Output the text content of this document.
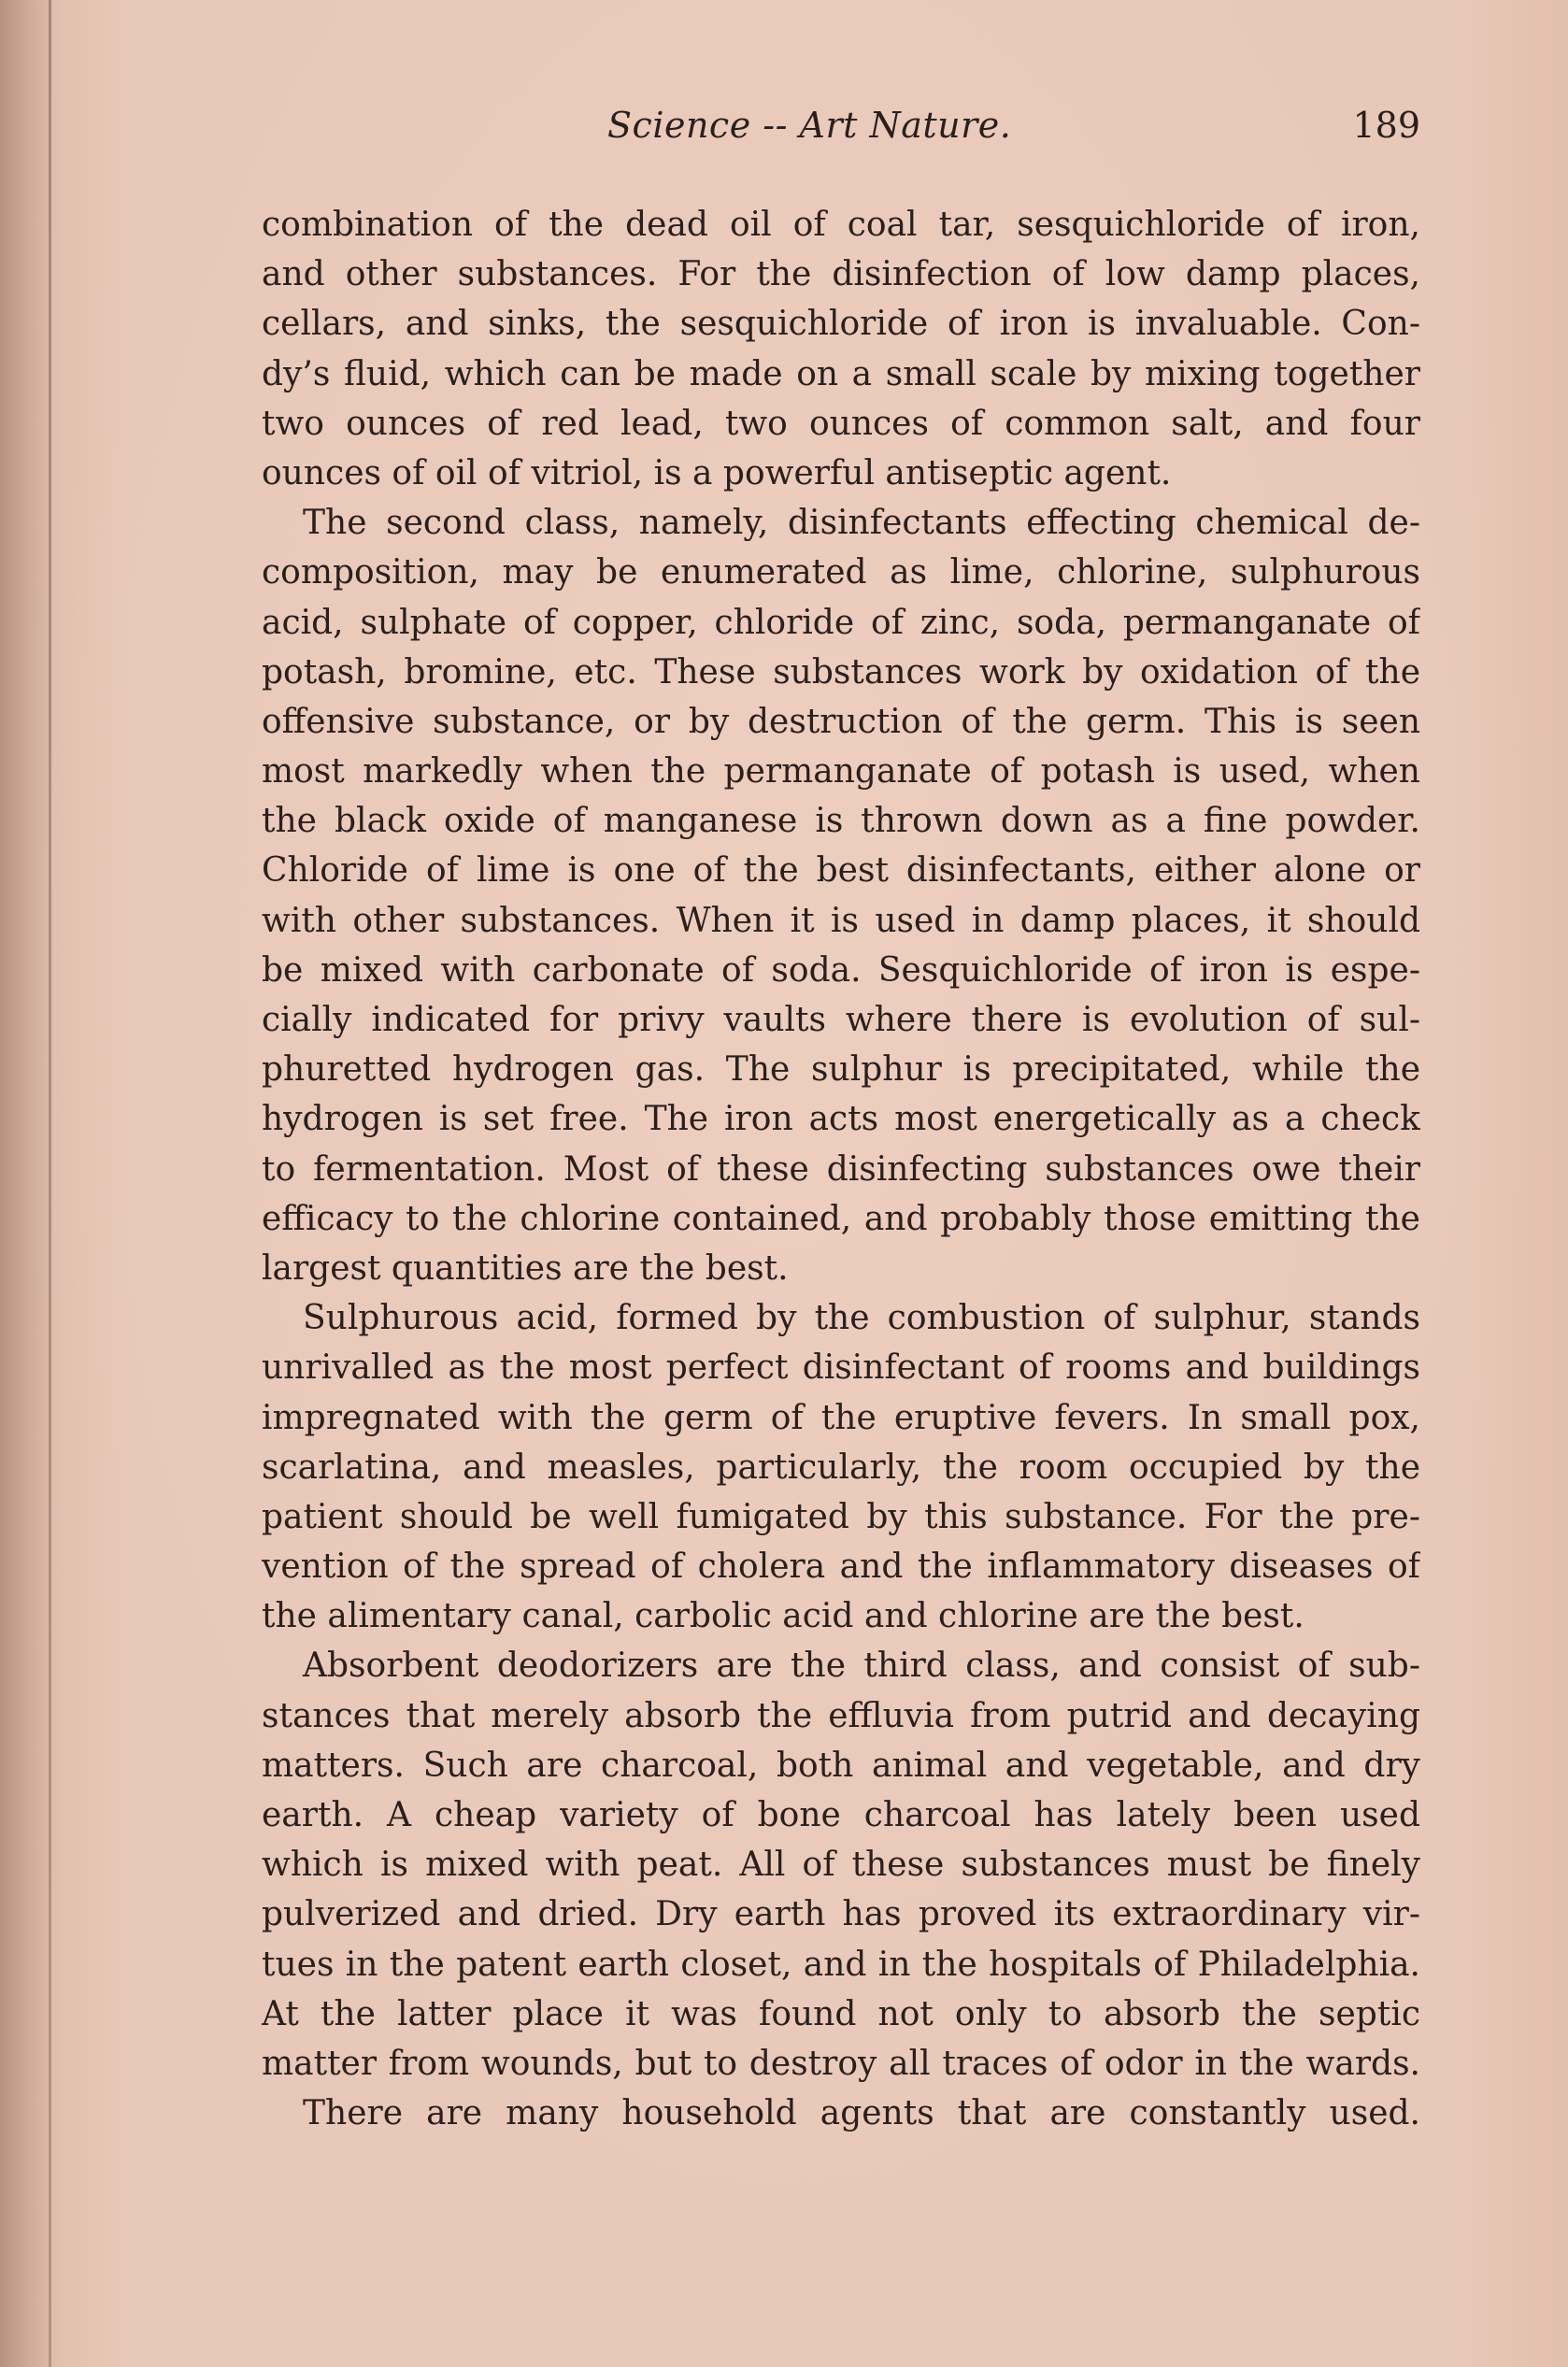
Science -- Art Nature.	189
combination of the dead oil of coal tar, sesquichloride of iron,
and other substances. For the disinfection of low damp places,
cellars, and sinks, the sesquichloride of iron is invaluable. Con-
dy’s fluid, which can be made on a small scale by mixing together
two ounces of red lead, two ounces of common salt, and four
ounces of oil of vitriol, is a powerful antiseptic agent.
The second class, namely, disinfectants effecting chemical de-
composition, may be enumerated as lime, chlorine, sulphurous
acid, sulphate of copper, chloride of zinc, soda, permanganate of
potash, bromine, etc. These substances work by oxidation of the
offensive substance, or by destruction of the germ. This is seen
most markedly when the permanganate of potash is used, when
the black oxide of manganese is thrown down as a fine powder.
Chloride of lime is one of the best disinfectants, either alone or
with other substances. When it is used in damp places, it should
be mixed with carbonate of soda. Sesquichloride of iron is espe-
cially indicated for privy vaults where there is evolution of sul-
phuretted hydrogen gas. The sulphur is precipitated, while the
hydrogen is set free. The iron acts most energetically as a check
to fermentation. Most of these disinfecting substances owe their
efficacy to the chlorine contained, and probably those emitting the
largest quantities are the best.
Sulphurous acid, formed by the combustion of sulphur, stands
unrivalled as the most perfect disinfectant of rooms and buildings
impregnated with the germ of the eruptive fevers. In small pox,
scarlatina, and measles, particularly, the room occupied by the
patient should be well fumigated by this substance. For the pre-
vention of the spread of cholera and the inflammatory diseases of
the alimentary canal, carbolic acid and chlorine are the best.
Absorbent deodorizers are the third class, and consist of sub-
stances that merely absorb the effluvia from putrid and decaying
matters. Such are charcoal, both animal and vegetable, and dry
earth. A cheap variety of bone charcoal has lately been used
which is mixed with peat. All of these substances must be finely
pulverized and dried. Dry earth has proved its extraordinary vir-
tues in the patent earth closet, and in the hospitals of Philadelphia.
At the latter place it was found not only to absorb the septic
matter from wounds, but to destroy all traces of odor in the wards.
There are many household agents that are constantly used.
